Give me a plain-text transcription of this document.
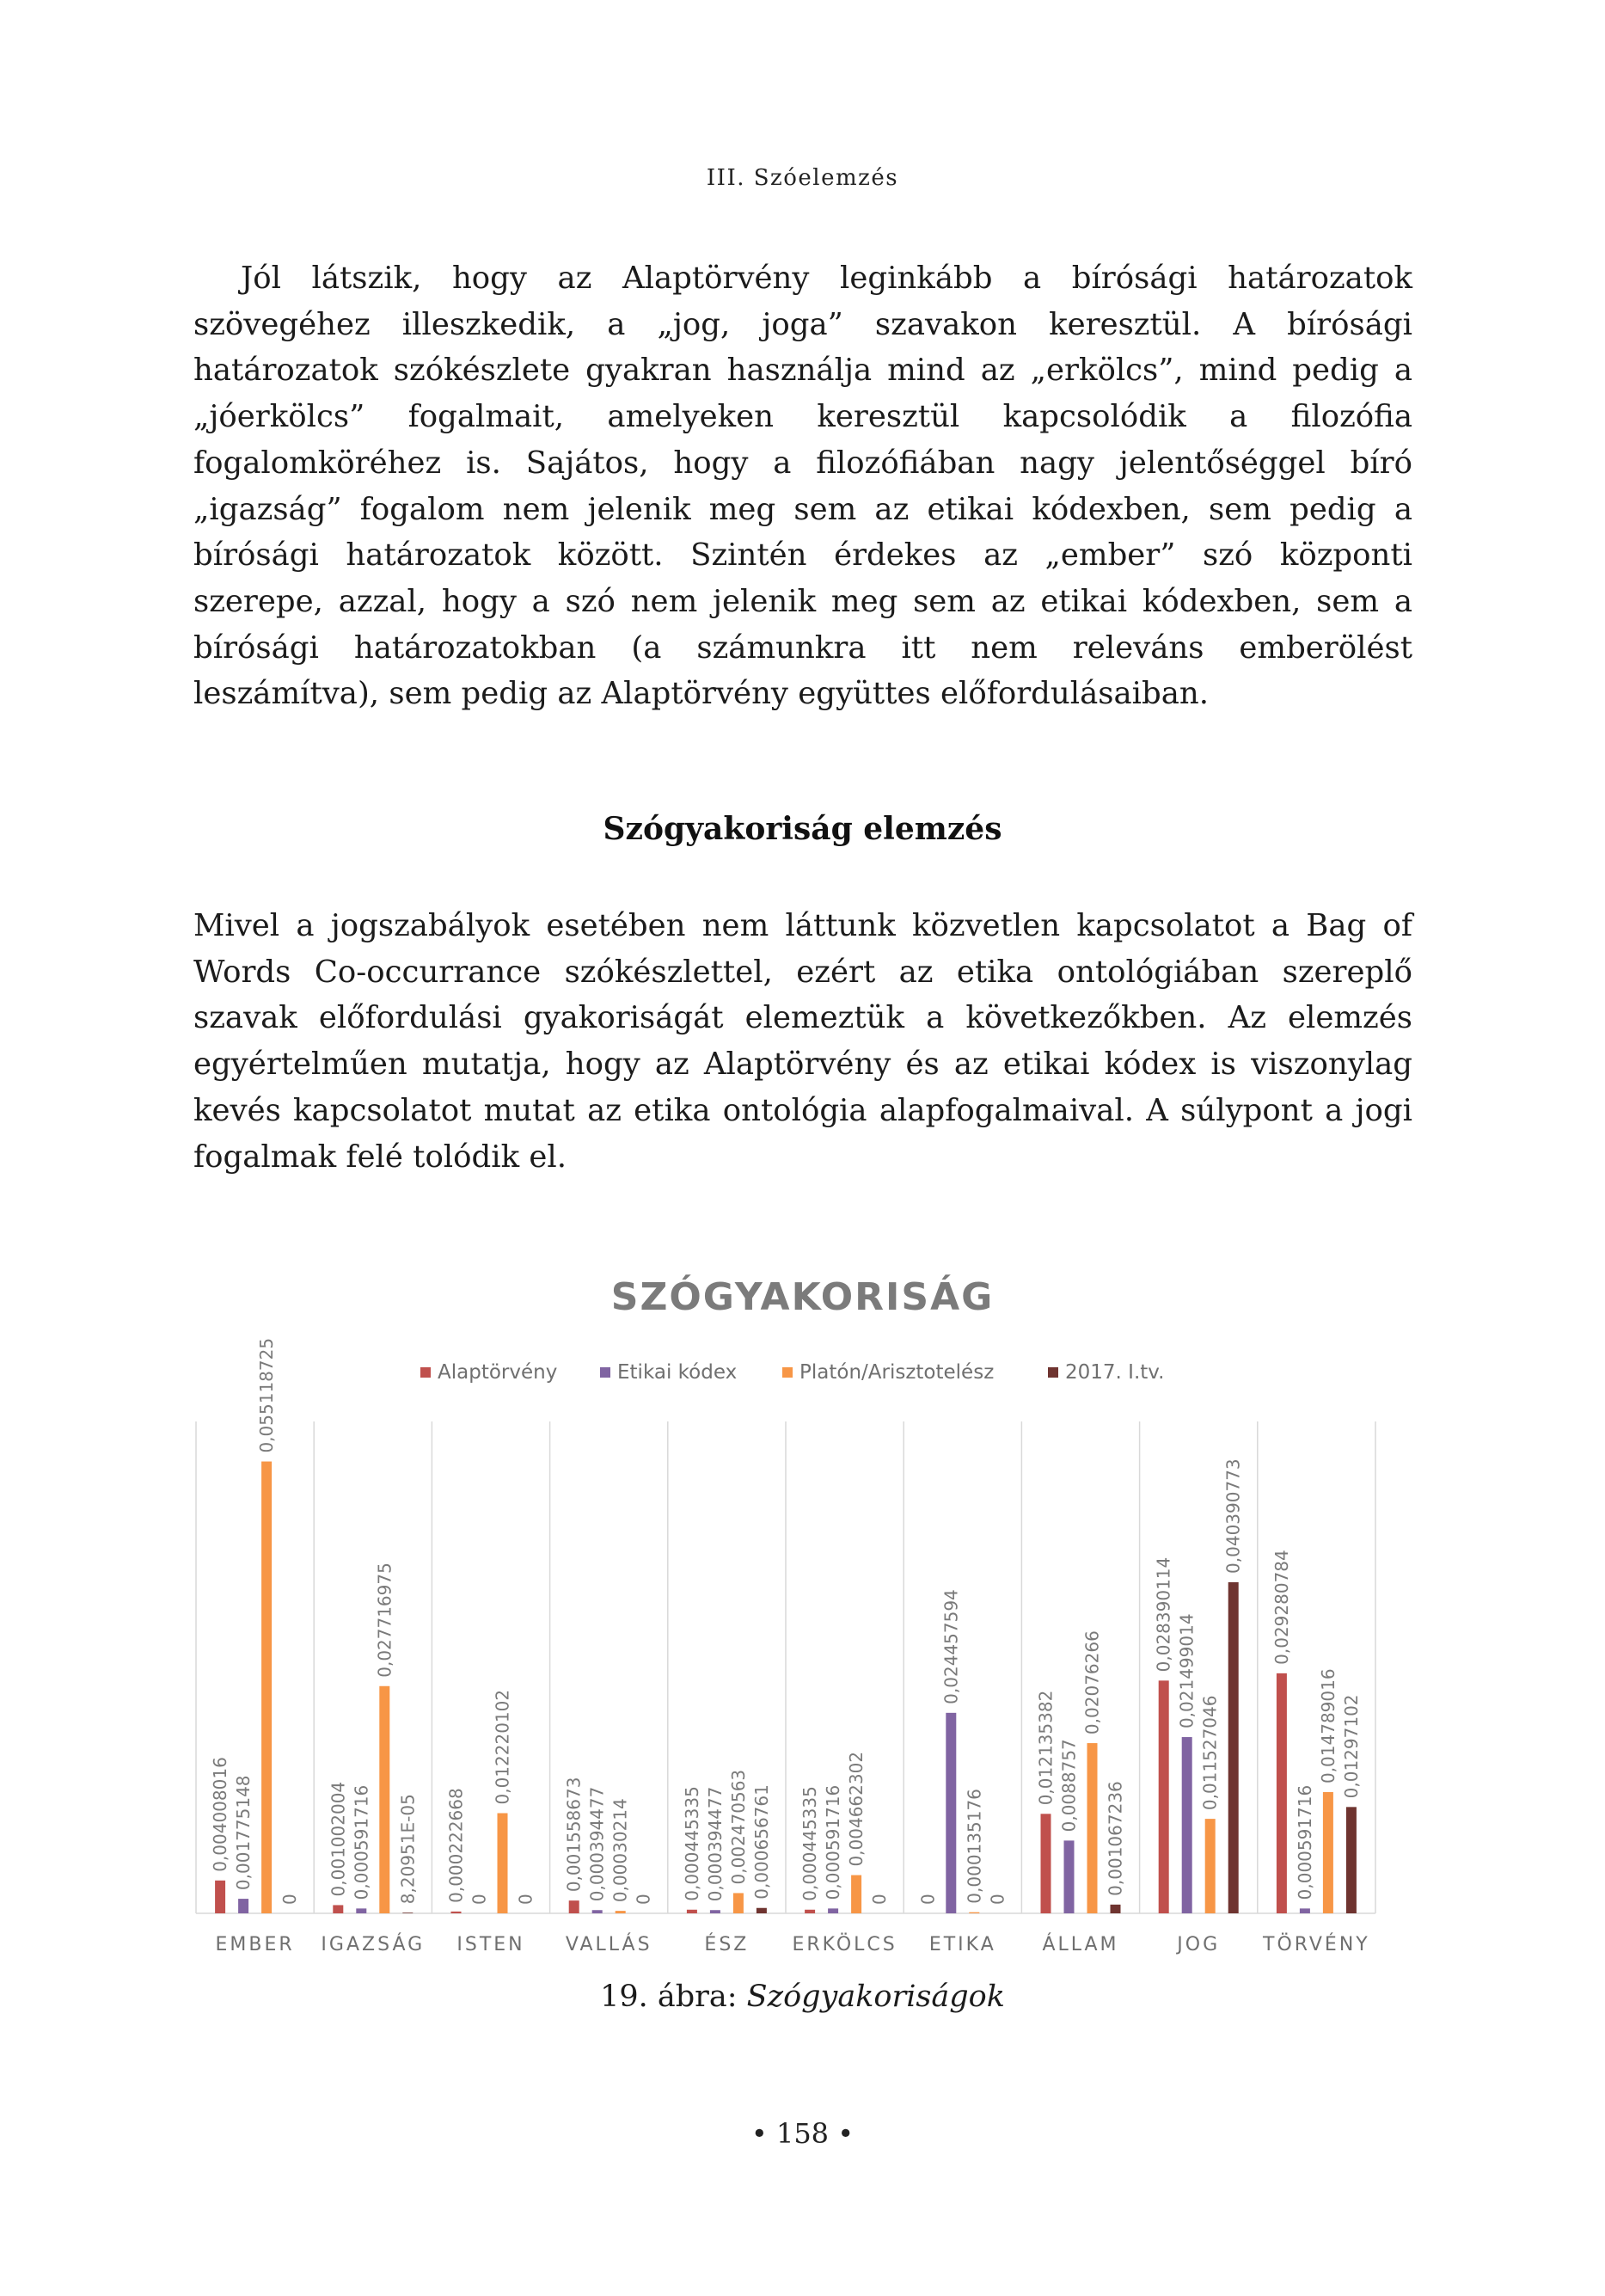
III. Szóelemzés

Jól látszik, hogy az Alaptörvény leginkább a bírósági határozatok szövegéhez illeszkedik, a „jog, joga” szavakon keresztül. A bírósági határozatok szókészlete gyakran használja mind az „erkölcs”, mind pedig a „jóerkölcs” fogalmait, amelyeken keresztül kapcsolódik a filozófia fogalomköréhez is. Sajátos, hogy a filozófiában nagy jelentőséggel bíró „igazság” fogalom nem jelenik meg sem az etikai kódexben, sem pedig a bírósági határozatok között. Szintén érdekes az „ember” szó központi szerepe, azzal, hogy a szó nem jelenik meg sem az etikai kódexben, sem a bírósági határozatokban (a számunkra itt nem releváns emberölést leszámítva), sem pedig az Alaptörvény együttes előfordulásaiban.

Szógyakoriság elemzés

Mivel a jogszabályok esetében nem láttunk közvetlen kapcsolatot a Bag of Words Co-occurrance szókészlettel, ezért az etika ontológiában szereplő szavak előfordulási gyakoriságát elemeztük a következőkben. Az elemzés egyértelműen mutatja, hogy az Alaptörvény és az etikai kódex is viszonylag kevés kapcsolatot mutat az etika ontológia alapfogalmaival. A súlypont a jogi fogalmak felé tolódik el.

SZÓGYAKORISÁG
Alaptörvény	Etikai kódex	Platón/Arisztotelész	2017. I.tv.
EMBER
0,004008016 0,001775148
0,055118725
0
IGAZSÁG
0,001002004 0,000591716
0,027716975
8,20951E-05
ISTEN
0,000222668 0
0,012220102
0
VALLÁS
0,001558673 0,000394477 0,00030214 0
ÉSZ
0,000445335 0,000394477 0,002470563 0,000656761
ERKÖLCS
0,000445335 0,000591716 0,004662302
0
ETIKA
0
0,024457594
0,000135176 0
ÁLLAM
0,012135382 0,0088757
0,02076266
0,001067236
JOG
0,028390114 0,021499014
0,011527046
0,040390773
TÖRVÉNY
0,029280784
0,000591716
0,014789016 0,01297102
19. ábra: Szógyakoriságok
• 158 •
